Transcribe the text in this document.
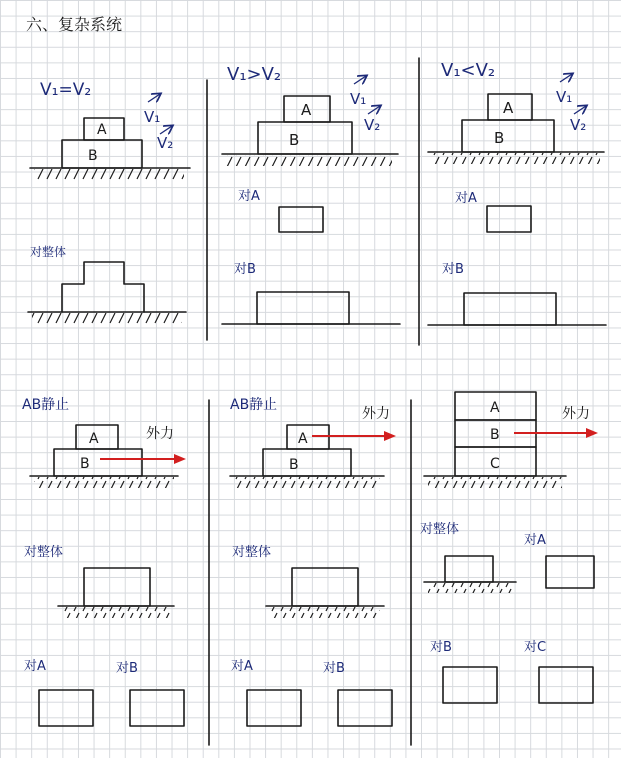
六、复杂系统
V₁=V₂
V₁
V₂
A
B
对整体
V₁>V₂
V₁
V₂
A
B
对A
对B
V₁<V₂
V₁
V₂
A
B
对A
对B
AB静止
外力
A
B
对整体
对A	对B
AB静止
外力
A
B
对整体
对A	对B
外力
A
B
C
对整体
对A
对B	对C
